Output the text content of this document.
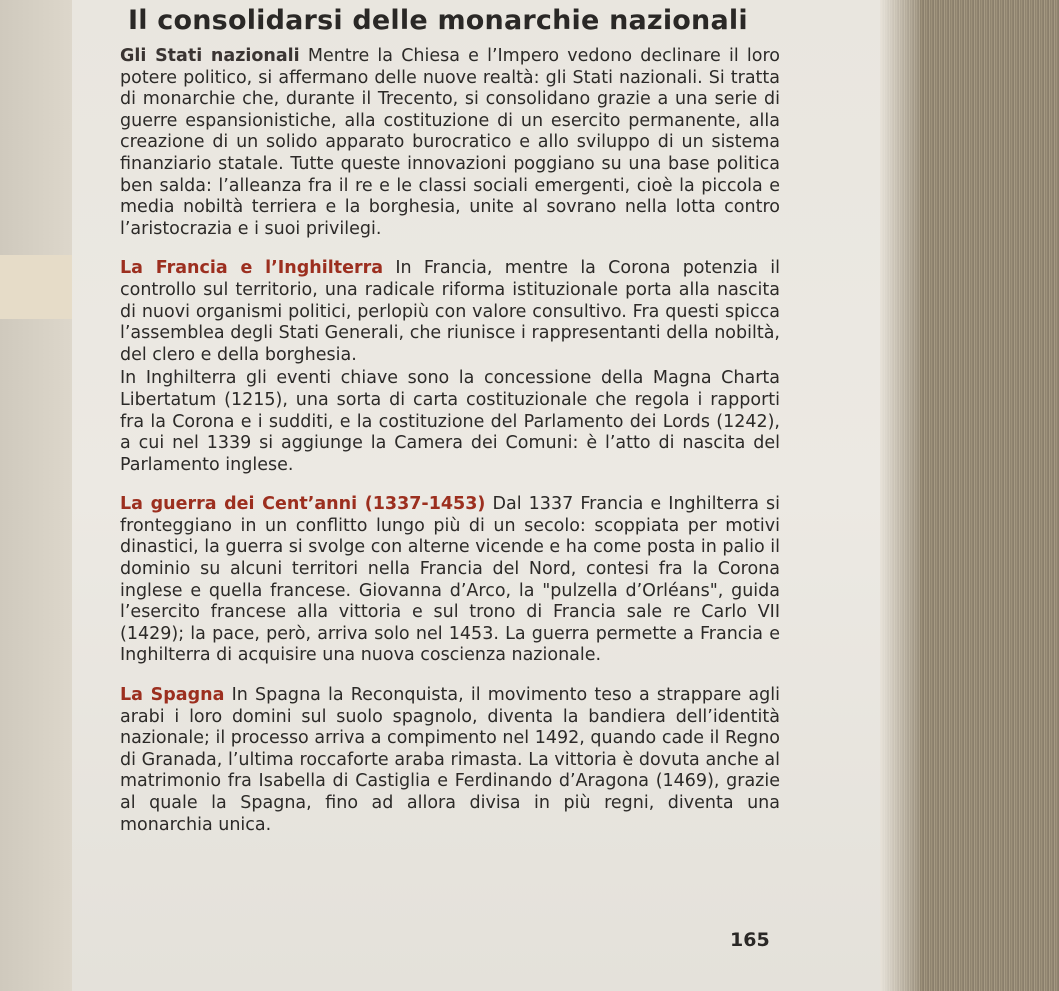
Il consolidarsi delle monarchie nazionali

Gli Stati nazionali Mentre la Chiesa e l’Impero vedono declinare il loro potere politico, si affermano delle nuove realtà: gli Stati nazionali. Si tratta di monarchie che, durante il Trecento, si consolidano grazie a una serie di guerre espansionistiche, alla costituzione di un esercito permanente, alla creazione di un solido apparato burocratico e allo sviluppo di un sistema finanziario statale. Tutte queste innovazioni poggiano su una base politica ben salda: l’alleanza fra il re e le classi sociali emergenti, cioè la piccola e media nobiltà terriera e la borghesia, unite al sovrano nella lotta contro l’aristocrazia e i suoi privilegi.

La Francia e l’Inghilterra In Francia, mentre la Corona potenzia il controllo sul territorio, una radicale riforma istituzionale porta alla nascita di nuovi organismi politici, perlopiù con valore consultivo. Fra questi spicca l’assemblea degli Stati Generali, che riunisce i rappresentanti della nobiltà, del clero e della borghesia.

In Inghilterra gli eventi chiave sono la concessione della Magna Charta Libertatum (1215), una sorta di carta costituzionale che regola i rapporti fra la Corona e i sudditi, e la costituzione del Parlamento dei Lords (1242), a cui nel 1339 si aggiunge la Camera dei Comuni: è l’atto di nascita del Parlamento inglese.

La guerra dei Cent’anni (1337-1453) Dal 1337 Francia e Inghilterra si fronteggiano in un conflitto lungo più di un secolo: scoppiata per motivi dinastici, la guerra si svolge con alterne vicende e ha come posta in palio il dominio su alcuni territori nella Francia del Nord, contesi fra la Corona inglese e quella francese. Giovanna d’Arco, la "pulzella d’Orléans", guida l’esercito francese alla vittoria e sul trono di Francia sale re Carlo VII (1429); la pace, però, arriva solo nel 1453. La guerra permette a Francia e Inghilterra di acquisire una nuova coscienza nazionale.

La Spagna In Spagna la Reconquista, il movimento teso a strappare agli arabi i loro domini sul suolo spagnolo, diventa la bandiera dell’identità nazionale; il processo arriva a compimento nel 1492, quando cade il Regno di Granada, l’ultima roccaforte araba rimasta. La vittoria è dovuta anche al matrimonio fra Isabella di Castiglia e Ferdinando d’Aragona (1469), grazie al quale la Spagna, fino ad allora divisa in più regni, diventa una monarchia unica.

165
